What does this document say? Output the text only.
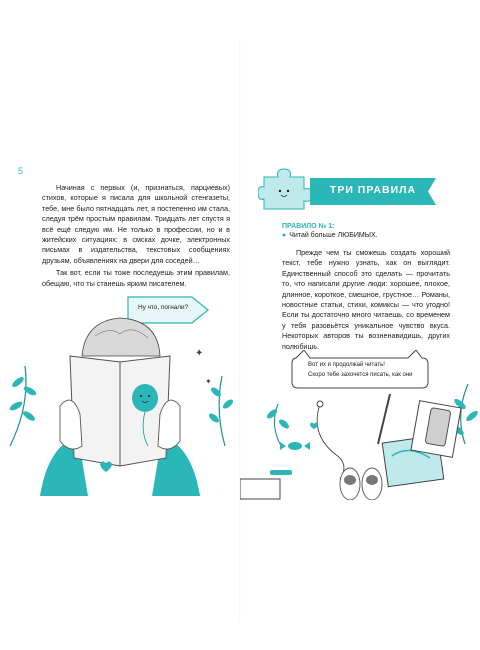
5

Начиная с первых (и, признаться, парциевых) стихов, которые я писала для школьной стенгазеты, тебе, мне было пятнадцать лет, я постепенно им стала, следуя трём простым правилам. Тридцать лет спустя я всё ещё следую им. Не только в профессии, но и в житейских ситуациях: в смсках дочке, электронных письмах в издательства, текстовых сообщениях друзьям, объявлениях на двери для соседей…

Так вот, если ты тоже последуешь этим правилам, обещаю, что ты станешь ярким писателем.

Ну что, погнали?
✦
✦
ТРИ ПРАВИЛА
ПРАВИЛО № 1:
● Читай больше ЛЮБИМЫХ.

Прежде чем ты сможешь создать хороший текст, тебе нужно узнать, как он выглядит. Единственный способ это сделать — прочитать то, что написали другие люди: хорошее, плохое, длинное, короткое, смешное, грустное… Романы, новостные статьи, стихи, комиксы — что угодно! Если ты достаточно много читаешь, со временем у тебя разовьётся уникальное чувство вкуса. Некоторых авторов ты возненавидишь, других полюбишь.

Вот их и продолжай читать!
Скоро тебе захочется писать, как они
